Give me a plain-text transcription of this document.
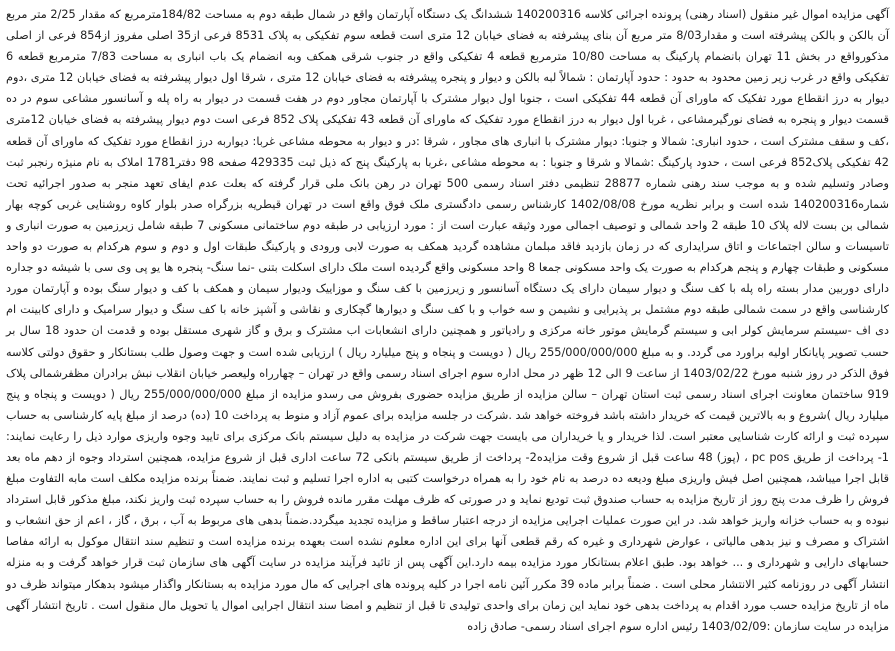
آگهی مزایده اموال غیر منقول (اسناد رهنی) پرونده اجرائی کلاسه 140200316 ششدانگ یک دستگاه آپارتمان واقع در شمال طبقه دوم به مساحت 184/82مترمربع که مقدار 2/25 متر مربع آن بالکن و بالکن پیشرفته است و مقدار8/03 متر مربع آن بنای پیشرفته به فضای خیابان 12 متری است قطعه سوم تفکیکی به پلاک 8531 فرعی از35 اصلی مفروز از854 فرعی از اصلی مذکورواقع در بخش 11 تهران بانضمام پارکینگ به مساحت 10/80 مترمربع قطعه 4 تفکیکی واقع در جنوب شرقی همکف وبه انضمام یک باب انباری به مساحت 7/83 مترمربع قطعه 6 تفکیکی واقع در غرب زیر زمین محدود به حدود : حدود آپارتمان : شمالاً لبه بالکن و دیوار و پنجره پیشرفته به فضای خیابان 12 متری ، شرقا اول دیوار پیشرفته به فضای خیابان 12 متری ،دوم دیوار به درز انقطاع مورد تفکیک که ماورای آن قطعه 44 تفکیکی است ، جنوبا اول دیوار مشترک با آپارتمان مجاور دوم در هفت قسمت در دیوار به راه پله و آسانسور مشاعی سوم در ده قسمت دیوار و پنجره به فضای نورگیرمشاعی ، غربا اول دیوار به درز انقطاع مورد تفکیک که ماورای آن قطعه 43 تفکیکی پلاک 852 فرعی است دوم دیوار پیشرفته به فضای خیابان 12متری ،کف و سقف مشترک است ، حدود انباری: شمالا و جنوبا: دیوار مشترک با انباری های مجاور ، شرقا :در و دیوار به محوطه مشاعی غربا: دیواربه درز انقطاع مورد تفکیک که ماورای آن قطعه 42 تفکیکی پلاک852 فرعی است ، حدود پارکینگ :شمالا و شرقا و جنوبا : به محوطه مشاعی ،غربا به پارکینگ پنج که ذیل ثبت 429335 صفحه 98 دفتر1781 املاک به نام منیژه رنجبر ثبت وصادر وتسلیم شده و به موجب سند رهنی شماره 28877 تنظیمی دفتر اسناد رسمی 500 تهران در رهن بانک ملی قرار گرفته که بعلت عدم ایفای تعهد منجر به صدور اجرائیه تحت شماره140200316 شده است و برابر نظریه مورخ 1402/08/08 کارشناس رسمی دادگستری ملک فوق واقع است در تهران قیطریه بزرگراه صدر بلوار کاوه روشنایی غربی کوچه بهار شمالی بن بست لاله پلاک 10 طبقه 2 واحد شمالی و توصیف اجمالی مورد وثیقه عبارت است از : مورد ارزیابی در طبقه دوم ساختمانی مسکونی 7 طبقه شامل زیرزمین به صورت انباری و تاسیسات و سالن اجتماعات و اتاق سرایداری که در زمان بازدید فاقد مبلمان مشاهده گردید همکف به صورت لابی ورودی و پارکینگ طبقات اول و دوم و سوم هرکدام به صورت دو واحد مسکونی و طبقات چهارم و پنجم هرکدام به صورت یک واحد مسکونی جمعا 8 واحد مسکونی واقع گردیده است ملک دارای اسکلت بتنی -نما سنگ- پنجره ها یو پی وی سی با شیشه دو جداره دارای دوربین مدار بسته راه پله با کف سنگ و دیوار سیمان دارای یک دستگاه آسانسور و زیرزمین با کف سنگ و موزاییک ودیوار سیمان و همکف با کف و دیوار سنگ بوده و آپارتمان مورد کارشناسی واقع در سمت شمالی طبقه دوم مشتمل بر پذیرایی و نشیمن و سه خواب و با کف سنگ و دیوارها گچکاری و نقاشی و آشپز خانه با کف سنگ و دیوار سرامیک و دارای کابینت ام دی اف -سیستم سرمایش کولر ابی و سیستم گرمایش موتور خانه مرکزی و رادیاتور و همچنین دارای انشعابات اب مشترک و برق و گاز شهری مستقل بوده و قدمت ان حدود 18 سال بر حسب تصویر پایانکار اولیه براورد می گردد. و به مبلغ 255/000/000/000 ریال ( دویست و پنجاه و پنج میلیارد ریال ) ارزیابی شده است و جهت وصول طلب بستانکار و حقوق دولتی کلاسه فوق الذکر در روز شنبه مورخ 1403/02/22 از ساعت 9 الی 12 ظهر در محل اداره سوم اجرای اسناد رسمی واقع در تهران – چهارراه ولیعصر خیابان انقلاب نبش برادران مظفرشمالی پلاک 919 ساختمان معاونت اجرای اسناد رسمی ثبت استان تهران – سالن مزایده از طریق مزایده حضوری بفروش می رسدو مزایده از مبلغ 255/000/000/000 ریال ( دویست و پنجاه و پنج میلیارد ریال )شروع و به بالاترین قیمت که خریدار داشته باشد فروخته خواهد شد .شرکت در جلسه مزایده برای عموم آزاد و منوط به پرداخت 10 (ده) درصد از مبلغ پایه کارشناسی به حساب سپرده ثبت و ارائه کارت شناسایی معتبر است. لذا خریدار و یا خریداران می بایست جهت شرکت در مزایده به دلیل سیستم بانک مرکزی برای تایید وجوه واریزی موارد ذیل را رعایت نمایند: 1- پرداخت از طریق pc pos ، (پوز) 48 ساعت قبل از شروع وقت مزایده2- پرداخت از طریق سیستم بانکی 72 ساعت اداری قبل از شروع مزایده، همچنین استرداد وجوه از دهم ماه بعد قابل اجرا میباشد، همچنین اصل فیش واریزی مبلغ ودیعه ده درصد به نام خود را به همراه درخواست کتبی به اداره اجرا تسلیم و ثبت نمایند. ضمناً برنده مزایده مکلف است مابه التفاوت مبلغ فروش را ظرف مدت پنج روز از تاریخ مزایده به حساب صندوق ثبت تودیع نماید و در صورتی که ظرف مهلت مقرر مانده فروش را به حساب سپرده ثبت واریز نکند، مبلغ مذکور قابل استرداد نبوده و به حساب خزانه واریز خواهد شد. در این صورت عملیات اجرایی مزایده از درجه اعتبار ساقط و مزایده تجدید میگردد.ضمناً بدهی های مربوط به آب ، برق ، گاز ، اعم از حق انشعاب و اشتراک و مصرف و نیز بدهی مالیاتی ، عوارض شهرداری و غیره که رقم قطعی آنها برای این اداره معلوم نشده است بعهده برنده مزایده است و تنظیم سند انتقال موکول به ارائه مفاصا حسابهای دارایی و شهرداری و ... خواهد بود. طبق اعلام بستانکار مورد مزایده بیمه دارد.این آگهی پس از تائید فرآیند مزایده در سایت آگهی های سازمان ثبت قرار خواهد گرفت و به منزله انتشار آگهی در روزنامه کثیر الانتشار محلی است . ضمناً برابر ماده 39 مکرر آئین نامه اجرا در کلیه پرونده های اجرایی که مال مورد مزایده به بستانکار واگذار میشود بدهکار میتواند ظرف دو ماه از تاریخ مزایده حسب مورد اقدام به پرداخت بدهی خود نماید این زمان برای واحدی تولیدی تا قبل از تنظیم و امضا سند انتقال اجرایی اموال یا تحویل مال منقول است . تاریخ انتشار آگهی مزایده در سایت سازمان :1403/02/09 رئیس اداره سوم اجرای اسناد رسمی- صادق زاده
